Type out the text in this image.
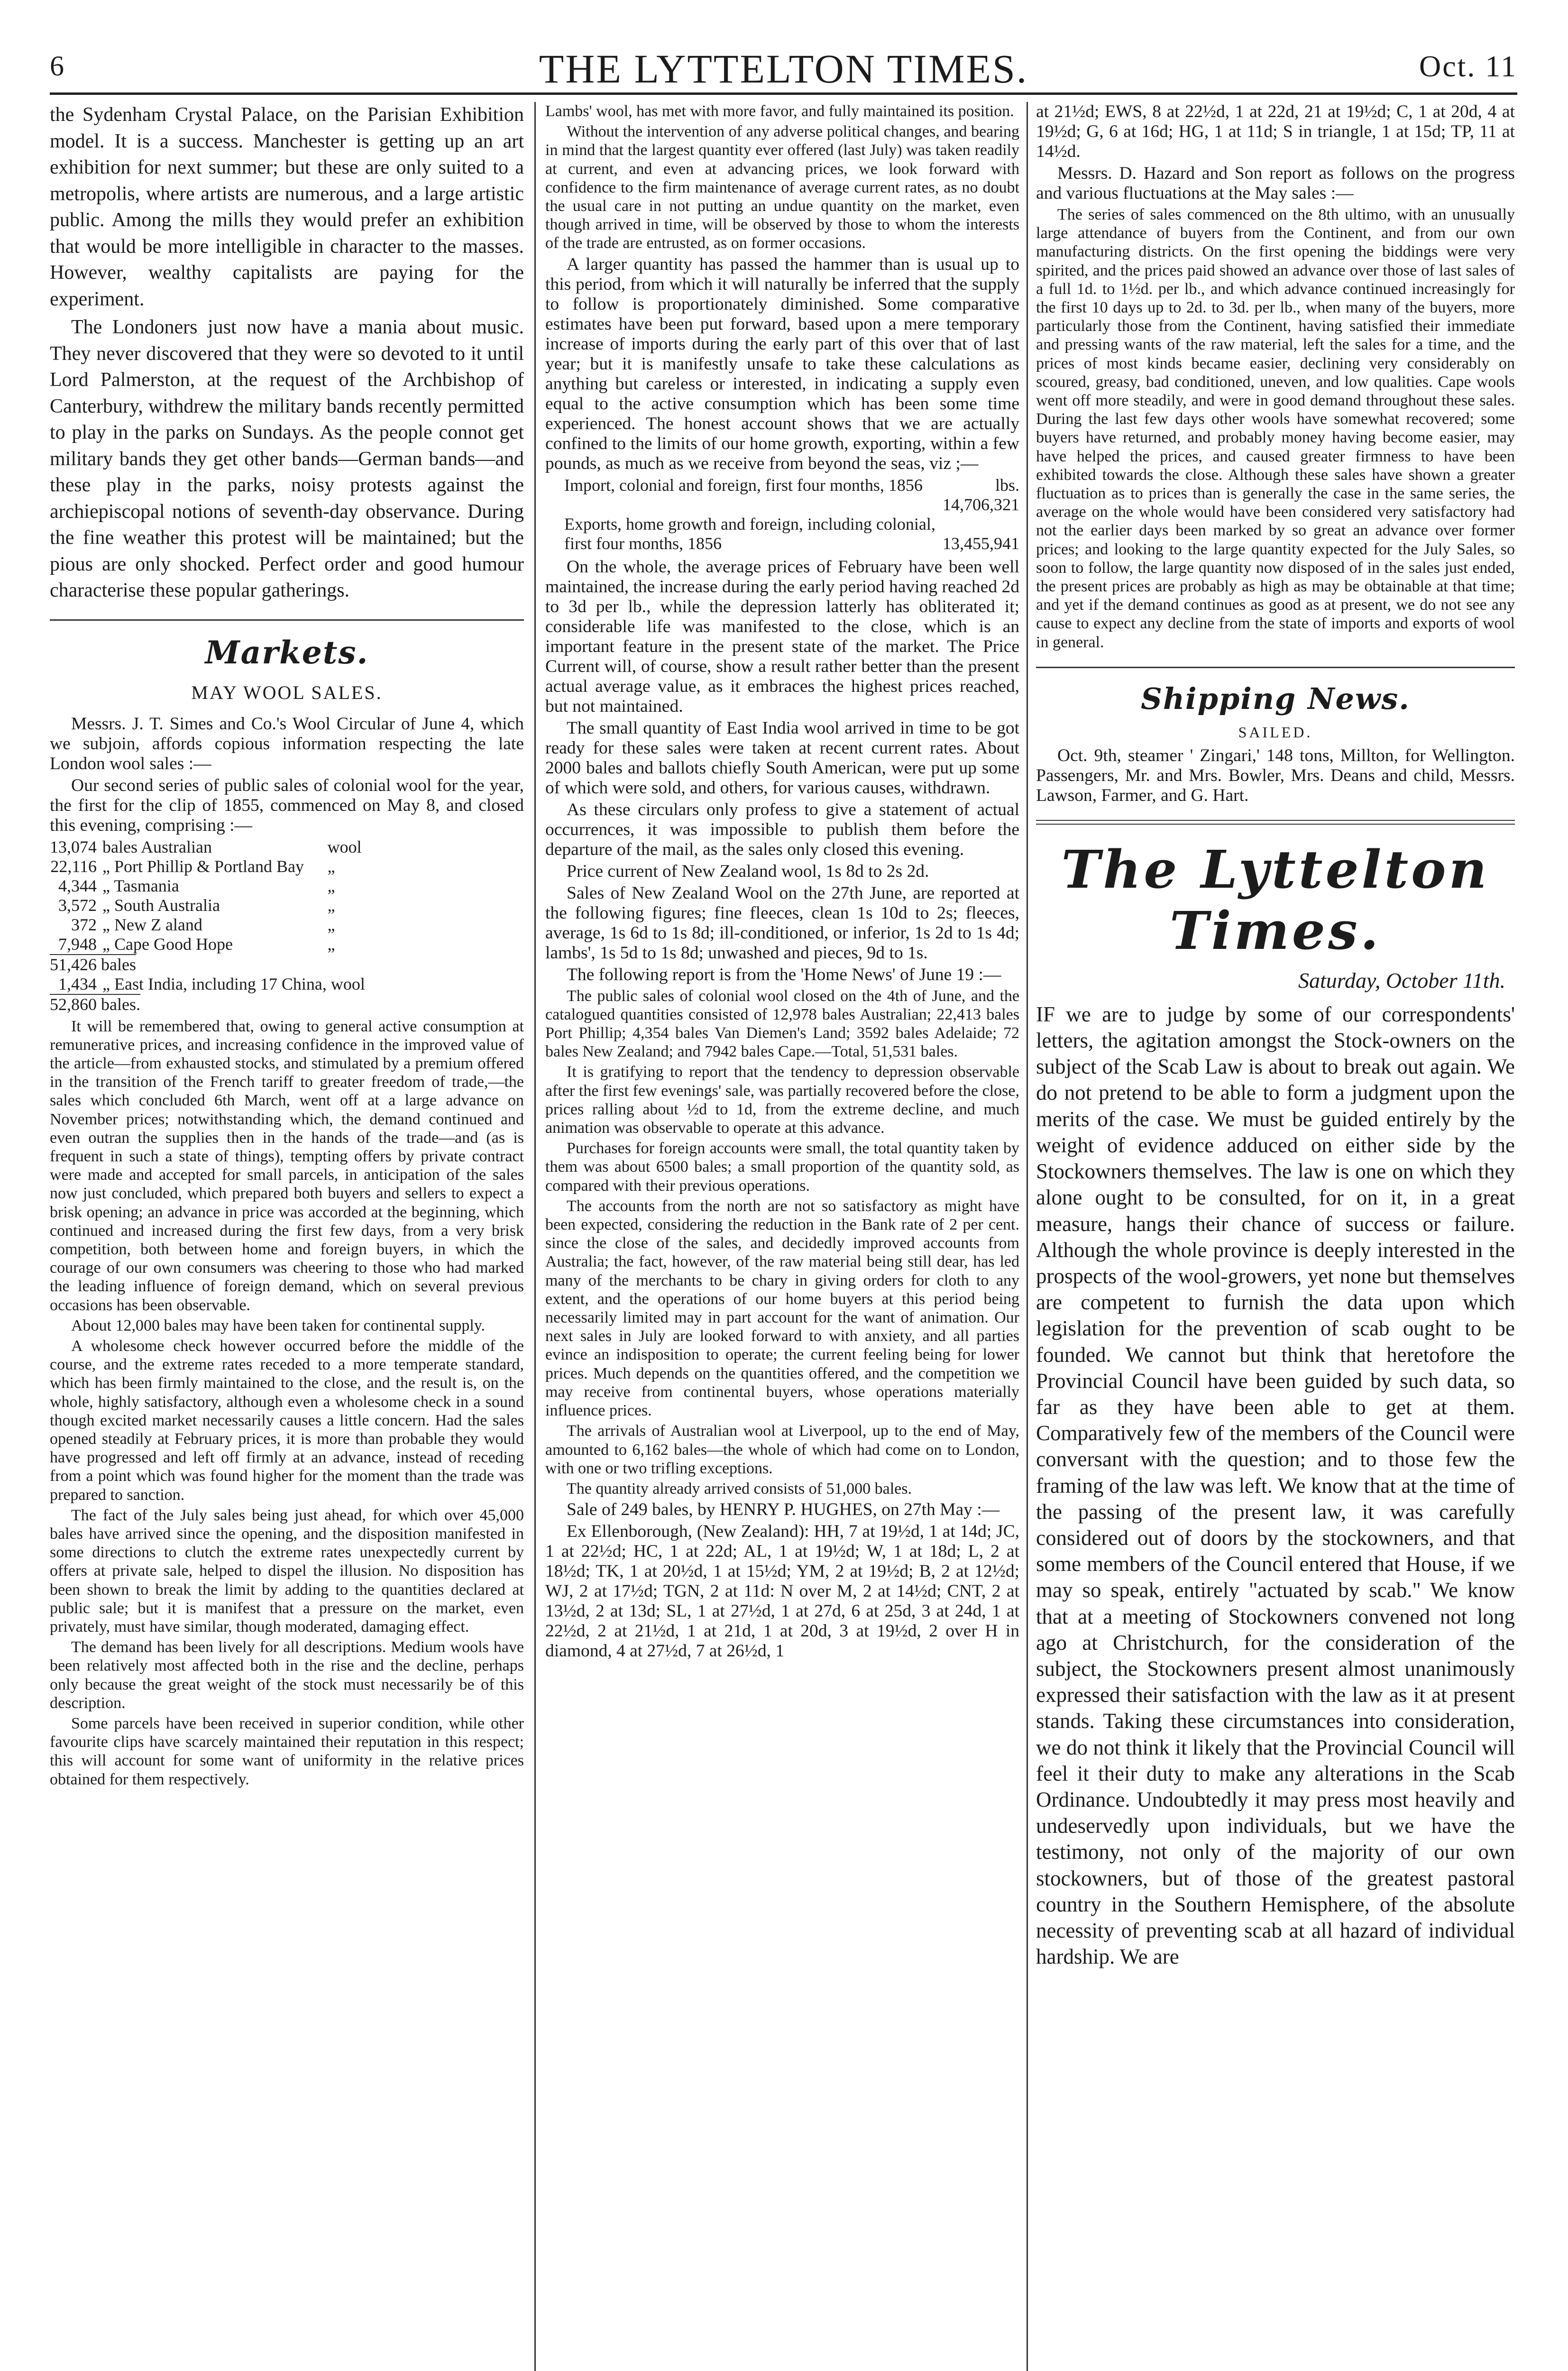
6	THE LYTTELTON TIMES.	Oct. 11

the Sydenham Crystal Palace, on the Parisian Exhibition model. It is a success. Manchester is getting up an art exhibition for next summer; but these are only suited to a metropolis, where artists are numerous, and a large artistic public. Among the mills they would prefer an exhibition that would be more intelligible in character to the masses. However, wealthy capitalists are paying for the experiment.

The Londoners just now have a mania about music. They never discovered that they were so devoted to it until Lord Palmerston, at the request of the Archbishop of Canterbury, withdrew the military bands recently permitted to play in the parks on Sundays. As the people connot get military bands they get other bands—German bands—and these play in the parks, noisy protests against the archiepiscopal notions of seventh-day observance. During the fine weather this protest will be maintained; but the pious are only shocked. Perfect order and good humour characterise these popular gatherings.

Markets.
MAY WOOL SALES.

Messrs. J. T. Simes and Co.'s Wool Circular of June 4, which we subjoin, affords copious information respecting the late London wool sales :—

Our second series of public sales of colonial wool for the year, the first for the clip of 1855, commenced on May 8, and closed this evening, comprising :—

13,074	bales Australian	wool
22,116	„ Port Phillip & Portland Bay	„
4,344	„ Tasmania	„
3,572	„ South Australia	„
372	„ New Z aland	„
7,948	„ Cape Good Hope	„
51,426 bales		
1,434	„ East India, including 17 China, wool	
52,860 bales.		

It will be remembered that, owing to general active consumption at remunerative prices, and increasing confidence in the improved value of the article—from exhausted stocks, and stimulated by a premium offered in the transition of the French tariff to greater freedom of trade,—the sales which concluded 6th March, went off at a large advance on November prices; notwithstanding which, the demand continued and even outran the supplies then in the hands of the trade—and (as is frequent in such a state of things), tempting offers by private contract were made and accepted for small parcels, in anticipation of the sales now just concluded, which prepared both buyers and sellers to expect a brisk opening; an advance in price was accorded at the beginning, which continued and increased during the first few days, from a very brisk competition, both between home and foreign buyers, in which the courage of our own consumers was cheering to those who had marked the leading influence of foreign demand, which on several previous occasions has been observable.

About 12,000 bales may have been taken for continental supply.

A wholesome check however occurred before the middle of the course, and the extreme rates receded to a more temperate standard, which has been firmly maintained to the close, and the result is, on the whole, highly satisfactory, although even a wholesome check in a sound though excited market necessarily causes a little concern. Had the sales opened steadily at February prices, it is more than probable they would have progressed and left off firmly at an advance, instead of receding from a point which was found higher for the moment than the trade was prepared to sanction.

The fact of the July sales being just ahead, for which over 45,000 bales have arrived since the opening, and the disposition manifested in some directions to clutch the extreme rates unexpectedly current by offers at private sale, helped to dispel the illusion. No disposition has been shown to break the limit by adding to the quantities declared at public sale; but it is manifest that a pressure on the market, even privately, must have similar, though moderated, damaging effect.

The demand has been lively for all descriptions. Medium wools have been relatively most affected both in the rise and the decline, perhaps only because the great weight of the stock must necessarily be of this description.

Some parcels have been received in superior condition, while other favourite clips have scarcely maintained their reputation in this respect; this will account for some want of uniformity in the relative prices obtained for them respectively.

Lambs' wool, has met with more favor, and fully maintained its position.

Without the intervention of any adverse political changes, and bearing in mind that the largest quantity ever offered (last July) was taken readily at current, and even at advancing prices, we look forward with confidence to the firm maintenance of average current rates, as no doubt the usual care in not putting an undue quantity on the market, even though arrived in time, will be observed by those to whom the interests of the trade are entrusted, as on former occasions.

A larger quantity has passed the hammer than is usual up to this period, from which it will naturally be inferred that the supply to follow is proportionately diminished. Some comparative estimates have been put forward, based upon a mere temporary increase of imports during the early part of this over that of last year; but it is manifestly unsafe to take these calculations as anything but careless or interested, in indicating a supply even equal to the active consumption which has been some time experienced. The honest account shows that we are actually confined to the limits of our home growth, exporting, within a few pounds, as much as we receive from beyond the seas, viz ;—

Import, colonial and foreign, first four months, 1856	lbs.
14,706,321

Exports, home growth and foreign, including colonial, first four months, 1856	13,455,941

On the whole, the average prices of February have been well maintained, the increase during the early period having reached 2d to 3d per lb., while the depression latterly has obliterated it; considerable life was manifested to the close, which is an important feature in the present state of the market. The Price Current will, of course, show a result rather better than the present actual average value, as it embraces the highest prices reached, but not maintained.

The small quantity of East India wool arrived in time to be got ready for these sales were taken at recent current rates. About 2000 bales and ballots chiefly South American, were put up some of which were sold, and others, for various causes, withdrawn.

As these circulars only profess to give a statement of actual occurrences, it was impossible to publish them before the departure of the mail, as the sales only closed this evening.

Price current of New Zealand wool, 1s 8d to 2s 2d.

Sales of New Zealand Wool on the 27th June, are reported at the following figures; fine fleeces, clean 1s 10d to 2s; fleeces, average, 1s 6d to 1s 8d; ill-conditioned, or inferior, 1s 2d to 1s 4d; lambs', 1s 5d to 1s 8d; unwashed and pieces, 9d to 1s.

The following report is from the 'Home News' of June 19 :—

The public sales of colonial wool closed on the 4th of June, and the catalogued quantities consisted of 12,978 bales Australian; 22,413 bales Port Phillip; 4,354 bales Van Diemen's Land; 3592 bales Adelaide; 72 bales New Zealand; and 7942 bales Cape.—Total, 51,531 bales.

It is gratifying to report that the tendency to depression observable after the first few evenings' sale, was partially recovered before the close, prices ralling about ½d to 1d, from the extreme decline, and much animation was observable to operate at this advance.

Purchases for foreign accounts were small, the total quantity taken by them was about 6500 bales; a small proportion of the quantity sold, as compared with their previous operations.

The accounts from the north are not so satisfactory as might have been expected, considering the reduction in the Bank rate of 2 per cent. since the close of the sales, and decidedly improved accounts from Australia; the fact, however, of the raw material being still dear, has led many of the merchants to be chary in giving orders for cloth to any extent, and the operations of our home buyers at this period being necessarily limited may in part account for the want of animation. Our next sales in July are looked forward to with anxiety, and all parties evince an indisposition to operate; the current feeling being for lower prices. Much depends on the quantities offered, and the competition we may receive from continental buyers, whose operations materially influence prices.

The arrivals of Australian wool at Liverpool, up to the end of May, amounted to 6,162 bales—the whole of which had come on to London, with one or two trifling exceptions.

The quantity already arrived consists of 51,000 bales.

Sale of 249 bales, by HENRY P. HUGHES, on 27th May :—

Ex Ellenborough, (New Zealand): HH, 7 at 19½d, 1 at 14d; JC, 1 at 22½d; HC, 1 at 22d; AL, 1 at 19½d; W, 1 at 18d; L, 2 at 18½d; TK, 1 at 20½d, 1 at 15½d; YM, 2 at 19½d; B, 2 at 12½d; WJ, 2 at 17½d; TGN, 2 at 11d: N over M, 2 at 14½d; CNT, 2 at 13½d, 2 at 13d; SL, 1 at 27½d, 1 at 27d, 6 at 25d, 3 at 24d, 1 at 22½d, 2 at 21½d, 1 at 21d, 1 at 20d, 3 at 19½d, 2 over H in diamond, 4 at 27½d, 7 at 26½d, 1

at 21½d; EWS, 8 at 22½d, 1 at 22d, 21 at 19½d; C, 1 at 20d, 4 at 19½d; G, 6 at 16d; HG, 1 at 11d; S in triangle, 1 at 15d; TP, 11 at 14½d.

Messrs. D. Hazard and Son report as follows on the progress and various fluctuations at the May sales :—

The series of sales commenced on the 8th ultimo, with an unusually large attendance of buyers from the Continent, and from our own manufacturing districts. On the first opening the biddings were very spirited, and the prices paid showed an advance over those of last sales of a full 1d. to 1½d. per lb., and which advance continued increasingly for the first 10 days up to 2d. to 3d. per lb., when many of the buyers, more particularly those from the Continent, having satisfied their immediate and pressing wants of the raw material, left the sales for a time, and the prices of most kinds became easier, declining very considerably on scoured, greasy, bad conditioned, uneven, and low qualities. Cape wools went off more steadily, and were in good demand throughout these sales. During the last few days other wools have somewhat recovered; some buyers have returned, and probably money having become easier, may have helped the prices, and caused greater firmness to have been exhibited towards the close. Although these sales have shown a greater fluctuation as to prices than is generally the case in the same series, the average on the whole would have been considered very satisfactory had not the earlier days been marked by so great an advance over former prices; and looking to the large quantity expected for the July Sales, so soon to follow, the large quantity now disposed of in the sales just ended, the present prices are probably as high as may be obtainable at that time; and yet if the demand continues as good as at present, we do not see any cause to expect any decline from the state of imports and exports of wool in general.

Shipping News.
SAILED.

Oct. 9th, steamer ' Zingari,' 148 tons, Millton, for Wellington. Passengers, Mr. and Mrs. Bowler, Mrs. Deans and child, Messrs. Lawson, Farmer, and G. Hart.

The Lyttelton Times.
Saturday, October 11th.

IF we are to judge by some of our correspondents' letters, the agitation amongst the Stock-owners on the subject of the Scab Law is about to break out again. We do not pretend to be able to form a judgment upon the merits of the case. We must be guided entirely by the weight of evidence adduced on either side by the Stockowners themselves. The law is one on which they alone ought to be consulted, for on it, in a great measure, hangs their chance of success or failure. Although the whole province is deeply interested in the prospects of the wool-growers, yet none but themselves are competent to furnish the data upon which legislation for the prevention of scab ought to be founded. We cannot but think that heretofore the Provincial Council have been guided by such data, so far as they have been able to get at them. Comparatively few of the members of the Council were conversant with the question; and to those few the framing of the law was left. We know that at the time of the passing of the present law, it was carefully considered out of doors by the stockowners, and that some members of the Council entered that House, if we may so speak, entirely "actuated by scab." We know that at a meeting of Stockowners convened not long ago at Christchurch, for the consideration of the subject, the Stockowners present almost unanimously expressed their satisfaction with the law as it at present stands. Taking these circumstances into consideration, we do not think it likely that the Provincial Council will feel it their duty to make any alterations in the Scab Ordinance. Undoubtedly it may press most heavily and undeservedly upon individuals, but we have the testimony, not only of the majority of our own stockowners, but of those of the greatest pastoral country in the Southern Hemisphere, of the absolute necessity of preventing scab at all hazard of individual hardship. We are
